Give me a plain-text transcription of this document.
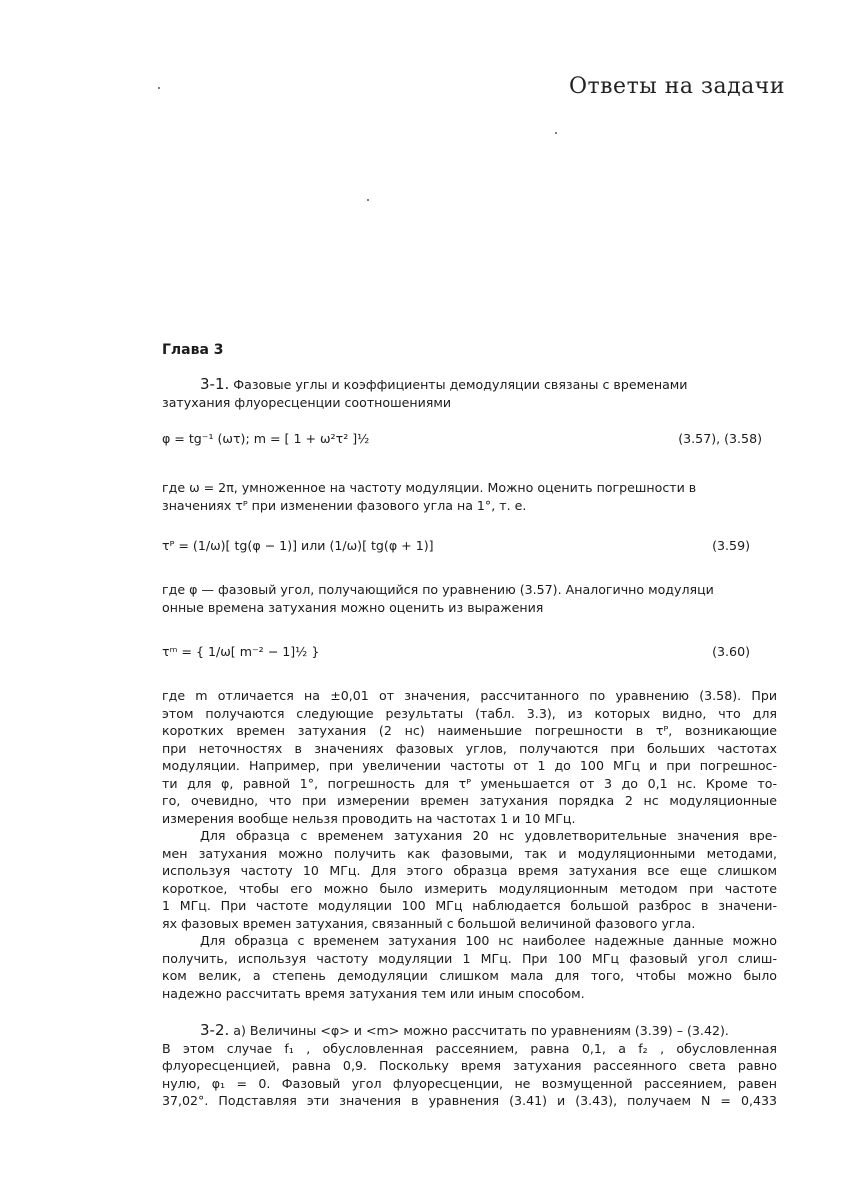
Ответы на задачи
Глава 3
3-1. Фазовые углы и коэффициенты демодуляции связаны с временами
затухания флуоресценции соотношениями
φ = tg⁻¹ (ωτ); m = [ 1 + ω²τ² ]½	(3.57), (3.58)
где ω = 2π, умноженное на частоту модуляции. Можно оценить погрешности в
значениях τᴾ при изменении фазового угла на 1°, т. е.
τᴾ = (1/ω)[ tg(φ − 1)] или (1/ω)[ tg(φ + 1)]	(3.59)
где φ — фазовый угол, получающийся по уравнению (3.57). Аналогично модуляци
онные времена затухания можно оценить из выражения
τᵐ = { 1/ω[ m⁻² − 1]½ }	(3.60)
где m отличается на ±0,01 от значения, рассчитанного по уравнению (3.58). При
этом получаются следующие результаты (табл. 3.3), из которых видно, что для
коротких времен затухания (2 нс) наименьшие погрешности в τᴾ, возникающие
при неточностях в значениях фазовых углов, получаются при больших частотах
модуляции. Например, при увеличении частоты от 1 до 100 МГц и при погрешнос-
ти для φ, равной 1°, погрешность для τᴾ уменьшается от 3 до 0,1 нс. Кроме то-
го, очевидно, что при измерении времен затухания порядка 2 нс модуляционные
измерения вообще нельзя проводить на частотах 1 и 10 МГц.
Для образца с временем затухания 20 нс удовлетворительные значения вре-
мен затухания можно получить как фазовыми, так и модуляционными методами,
используя частоту 10 МГц. Для этого образца время затухания все еще слишком
короткое, чтобы его можно было измерить модуляционным методом при частоте
1 МГц. При частоте модуляции 100 МГц наблюдается большой разброс в значени-
ях фазовых времен затухания, связанный с большой величиной фазового угла.
Для образца с временем затухания 100 нс наиболее надежные данные можно
получить, используя частоту модуляции 1 МГц. При 100 МГц фазовый угол слиш-
ком велик, а степень демодуляции слишком мала для того, чтобы можно было
надежно рассчитать время затухания тем или иным способом.
3-2. а) Величины <φ> и <m> можно рассчитать по уравнениям (3.39) – (3.42).
В этом случае f₁ , обусловленная рассеянием, равна 0,1, а f₂ , обусловленная
флуоресценцией, равна 0,9. Поскольку время затухания рассеянного света равно
нулю, φ₁ = 0. Фазовый угол флуоресценции, не возмущенной рассеянием, равен
37,02°. Подставляя эти значения в уравнения (3.41) и (3.43), получаем N = 0,433
